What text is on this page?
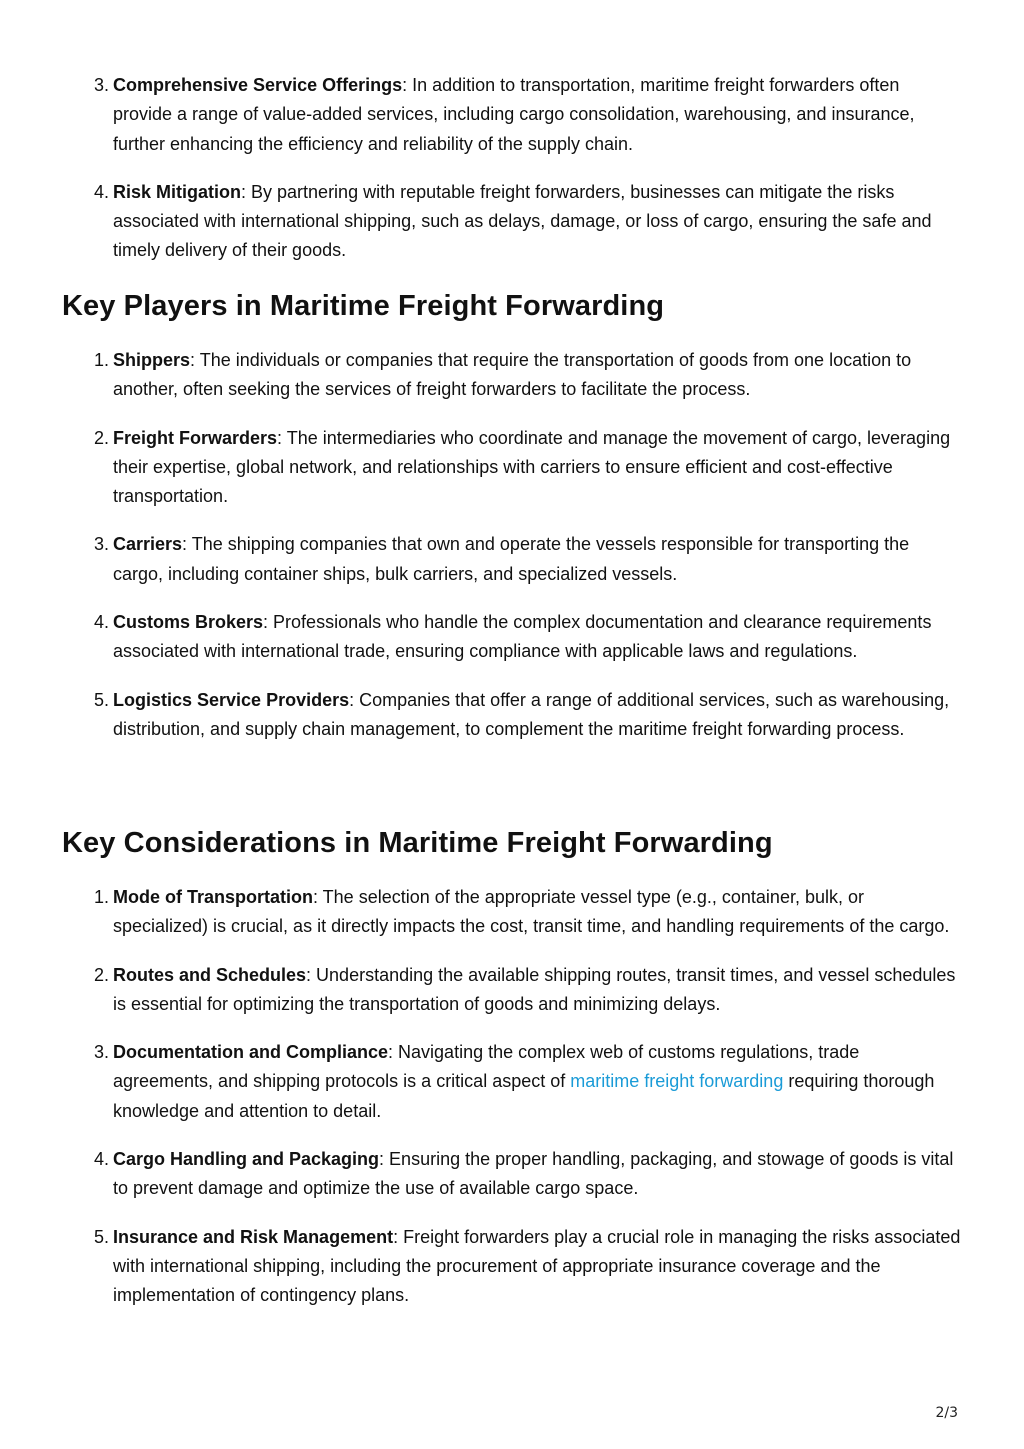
3. Comprehensive Service Offerings: In addition to transportation, maritime freight forwarders often provide a range of value-added services, including cargo consolidation, warehousing, and insurance, further enhancing the efficiency and reliability of the supply chain.
4. Risk Mitigation: By partnering with reputable freight forwarders, businesses can mitigate the risks associated with international shipping, such as delays, damage, or loss of cargo, ensuring the safe and timely delivery of their goods.
Key Players in Maritime Freight Forwarding
1. Shippers: The individuals or companies that require the transportation of goods from one location to another, often seeking the services of freight forwarders to facilitate the process.
2. Freight Forwarders: The intermediaries who coordinate and manage the movement of cargo, leveraging their expertise, global network, and relationships with carriers to ensure efficient and cost-effective transportation.
3. Carriers: The shipping companies that own and operate the vessels responsible for transporting the cargo, including container ships, bulk carriers, and specialized vessels.
4. Customs Brokers: Professionals who handle the complex documentation and clearance requirements associated with international trade, ensuring compliance with applicable laws and regulations.
5. Logistics Service Providers: Companies that offer a range of additional services, such as warehousing, distribution, and supply chain management, to complement the maritime freight forwarding process.
Key Considerations in Maritime Freight Forwarding
1. Mode of Transportation: The selection of the appropriate vessel type (e.g., container, bulk, or specialized) is crucial, as it directly impacts the cost, transit time, and handling requirements of the cargo.
2. Routes and Schedules: Understanding the available shipping routes, transit times, and vessel schedules is essential for optimizing the transportation of goods and minimizing delays.
3. Documentation and Compliance: Navigating the complex web of customs regulations, trade agreements, and shipping protocols is a critical aspect of maritime freight forwarding requiring thorough knowledge and attention to detail.
4. Cargo Handling and Packaging: Ensuring the proper handling, packaging, and stowage of goods is vital to prevent damage and optimize the use of available cargo space.
5. Insurance and Risk Management: Freight forwarders play a crucial role in managing the risks associated with international shipping, including the procurement of appropriate insurance coverage and the implementation of contingency plans.
2/3
